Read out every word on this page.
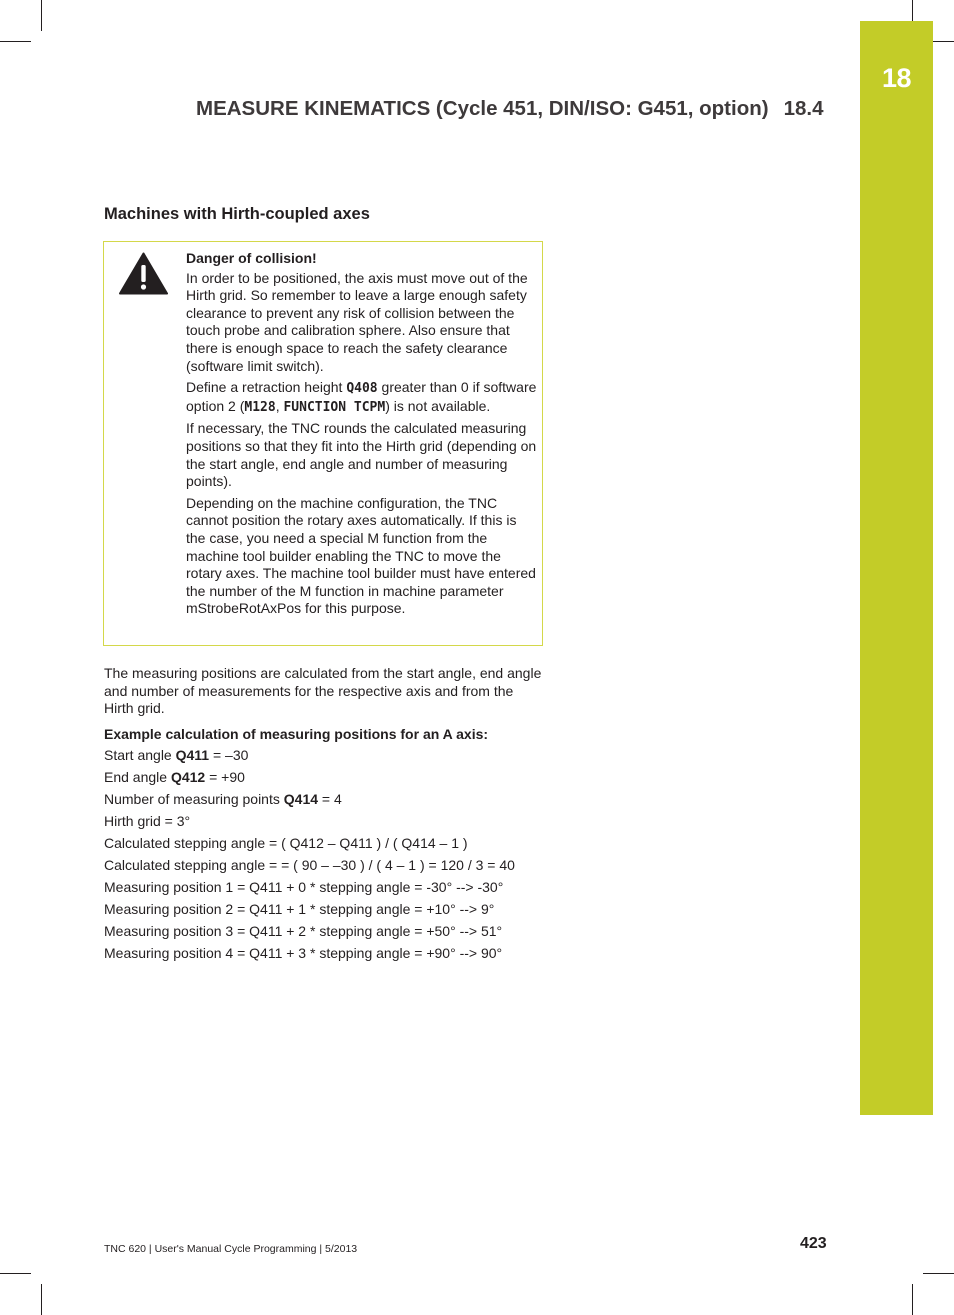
18
MEASURE KINEMATICS (Cycle 451, DIN/ISO: G451, option) 18.4
Machines with Hirth-coupled axes

Danger of collision!

In order to be positioned, the axis must move out of the Hirth grid. So remember to leave a large enough safety clearance to prevent any risk of collision between the touch probe and calibration sphere. Also ensure that there is enough space to reach the safety clearance (software limit switch).

Define a retraction height Q408 greater than 0 if software option 2 (M128, FUNCTION TCPM) is not available.

If necessary, the TNC rounds the calculated measuring positions so that they fit into the Hirth grid (depending on the start angle, end angle and number of measuring points).

Depending on the machine configuration, the TNC cannot position the rotary axes automatically. If this is the case, you need a special M function from the machine tool builder enabling the TNC to move the rotary axes. The machine tool builder must have entered the number of the M function in machine parameter mStrobeRotAxPos for this purpose.

The measuring positions are calculated from the start angle, end angle and number of measurements for the respective axis and from the Hirth grid.

Example calculation of measuring positions for an A axis:

Start angle Q411 = –30

End angle Q412 = +90

Number of measuring points Q414 = 4

Hirth grid = 3°

Calculated stepping angle = ( Q412 – Q411 ) / ( Q414 – 1 )

Calculated stepping angle = = ( 90 – –30 ) / ( 4 – 1 ) = 120 / 3 = 40

Measuring position 1 = Q411 + 0 * stepping angle = -30° --> -30°

Measuring position 2 = Q411 + 1 * stepping angle = +10° --> 9°

Measuring position 3 = Q411 + 2 * stepping angle = +50° --> 51°

Measuring position 4 = Q411 + 3 * stepping angle = +90° --> 90°

TNC 620 | User's Manual Cycle Programming | 5/2013	423
